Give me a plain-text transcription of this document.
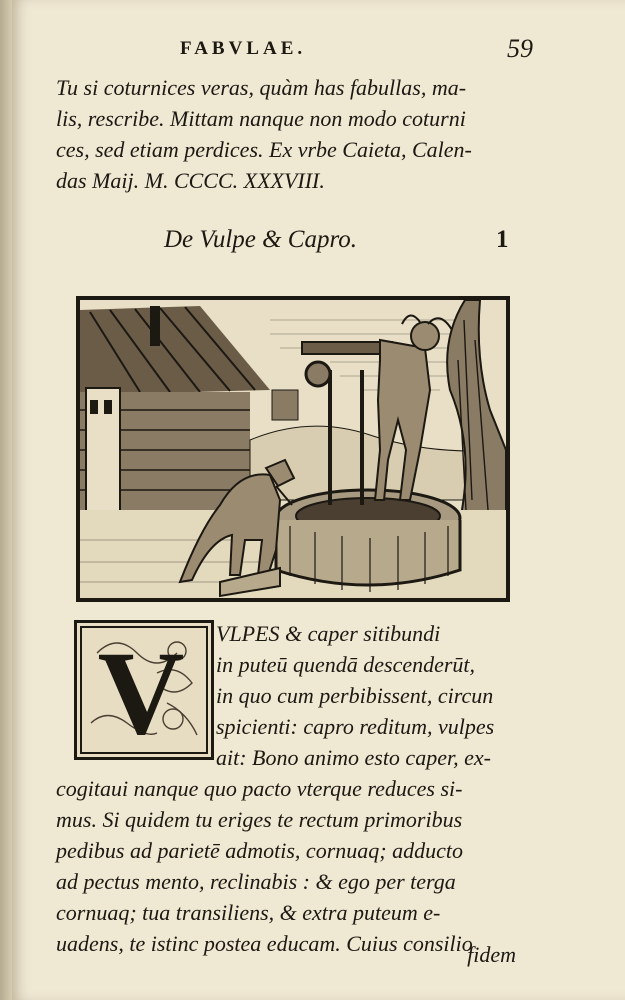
FABVLAE.	59
Tu si coturnices veras, quàm has fabullas, ma-
lis, rescribe. Mittam nanque non modo coturni
ces, sed etiam perdices. Ex vrbe Caieta, Calen-
das Maij. M. CCCC. XXXVIII.
De Vulpe & Capro.	1
V	VLPES & caper sitibundi
in puteū quendā descenderūt,
in quo cum perbibissent, circun
spicienti: capro reditum, vulpes
ait: Bono animo esto caper, ex-
cogitaui nanque quo pacto vterque reduces si-
mus. Si quidem tu eriges te rectum primoribus
pedibus ad parietē admotis, cornuaq; adducto
ad pectus mento, reclinabis : & ego per terga
cornuaq; tua transiliens, & extra puteum e-
uadens, te istinc postea educam. Cuius consilio
fidem
